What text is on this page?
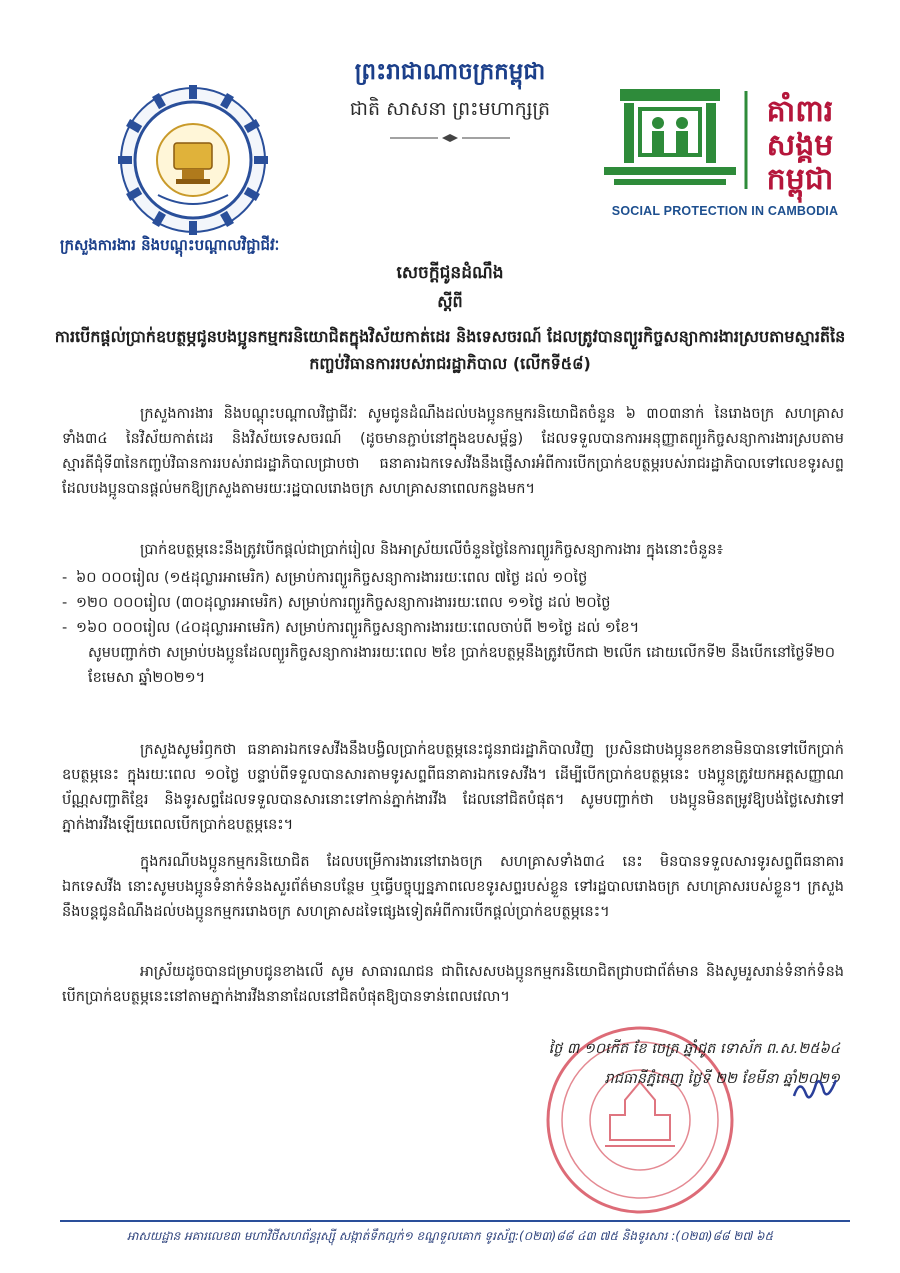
ព្រះរាជាណាចក្រកម្ពុជា
ជាតិ សាសនា ព្រះមហាក្សត្រ	គាំពារ
សង្គម
កម្ពុជា
SOCIAL PROTECTION IN CAMBODIA
ក្រសួងការងារ និងបណ្ដុះបណ្ដាលវិជ្ជាជីវៈ
សេចក្ដីជូនដំណឹង
ស្ដីពី
ការបើកផ្ដល់ប្រាក់ឧបត្ថម្ភជូនបងប្អូនកម្មករនិយោជិតក្នុងវិស័យកាត់ដេរ និងទេសចរណ៍ ដែលត្រូវបានព្យួរកិច្ចសន្យាការងារស្របតាមស្មារតីនៃកញ្ចប់វិធានការរបស់រាជរដ្ឋាភិបាល (លើកទី៥៨)
ក្រសួងការងារ និងបណ្ដុះបណ្ដាលវិជ្ជាជីវៈ សូមជូនដំណឹងដល់បងប្អូនកម្មករនិយោជិតចំនួន ៦ ៣០៣នាក់ នៃរោងចក្រ សហគ្រាសទាំង៣៤ នៃវិស័យកាត់ដេរ និងវិស័យទេសចរណ៍ (ដូចមានភ្ជាប់នៅក្នុងឧបសម្ព័ន្ធ) ដែលទទួលបានការអនុញ្ញាតព្យួរកិច្ចសន្យាការងារស្របតាមស្មារតីជុំទី៣នៃកញ្ចប់វិធានការរបស់រាជរដ្ឋាភិបាលជ្រាបថា ធនាគារឯកទេសវីងនឹងផ្ញើសារអំពីការបើកប្រាក់ឧបត្ថម្ភរបស់រាជរដ្ឋាភិបាលទៅលេខទូរសព្ទ ដែលបងប្អូនបានផ្ដល់មកឱ្យក្រសួងតាមរយៈរដ្ឋបាលរោងចក្រ សហគ្រាសនាពេលកន្លងមក។
ប្រាក់ឧបត្ថម្ភនេះនឹងត្រូវបើកផ្ដល់ជាប្រាក់រៀល និងអាស្រ័យលើចំនួនថ្ងៃនៃការព្យួរកិច្ចសន្យាការងារ ក្នុងនោះចំនួន៖
- ៦០ ០០០រៀល (១៥ដុល្លារអាមេរិក) សម្រាប់ការព្យួរកិច្ចសន្យាការងាររយៈពេល ៧ថ្ងៃ ដល់ ១០ថ្ងៃ
- ១២០ ០០០រៀល (៣០ដុល្លារអាមេរិក) សម្រាប់ការព្យួរកិច្ចសន្យាការងាររយៈពេល ១១ថ្ងៃ ដល់ ២០ថ្ងៃ
- ១៦០ ០០០រៀល (៤០ដុល្លារអាមេរិក) សម្រាប់ការព្យួរកិច្ចសន្យាការងាររយៈពេលចាប់ពី ២១ថ្ងៃ ដល់ ១ខែ។
សូមបញ្ជាក់ថា សម្រាប់បងប្អូនដែលព្យួរកិច្ចសន្យាការងាររយៈពេល ២ខែ ប្រាក់ឧបត្ថម្ភនឹងត្រូវបើកជា ២លើក ដោយលើកទី២ នឹងបើកនៅថ្ងៃទី២០ ខែមេសា ឆ្នាំ២០២១។
ក្រសួងសូមរំឭកថា ធនាគារឯកទេសវីងនឹងបង្វិលប្រាក់ឧបត្ថម្ភនេះជូនរាជរដ្ឋាភិបាលវិញ ប្រសិនជាបងប្អូនខកខានមិនបានទៅបើកប្រាក់ឧបត្ថម្ភនេះ ក្នុងរយៈពេល ១០ថ្ងៃ បន្ទាប់ពីទទួលបានសារតាមទូរសព្ទពីធនាគារឯកទេសវីង។ ដើម្បីបើកប្រាក់ឧបត្ថម្ភនេះ បងប្អូនត្រូវយកអត្តសញ្ញាណប័ណ្ណសញ្ជាតិខ្មែរ និងទូរសព្ទដែលទទួលបានសារនោះទៅកាន់ភ្នាក់ងារវីង ដែលនៅជិតបំផុត។ សូមបញ្ជាក់ថា បងប្អូនមិនតម្រូវឱ្យបង់ថ្លៃសេវាទៅភ្នាក់ងារវីងឡើយពេលបើកប្រាក់ឧបត្ថម្ភនេះ។
ក្នុងករណីបងប្អូនកម្មករនិយោជិត ដែលបម្រើការងារនៅរោងចក្រ សហគ្រាសទាំង៣៤ នេះ មិនបានទទួលសារទូរសព្ទពីធនាគារឯកទេសវីង នោះសូមបងប្អូនទំនាក់ទំនងសួរព័ត៌មានបន្ថែម ឬធ្វើបច្ចុប្បន្នភាពលេខទូរសព្ទរបស់ខ្លួន ទៅរដ្ឋបាលរោងចក្រ សហគ្រាសរបស់ខ្លួន។ ក្រសួងនឹងបន្តជូនដំណឹងដល់បងប្អូនកម្មកររោងចក្រ សហគ្រាសដទៃផ្សេងទៀតអំពីការបើកផ្ដល់ប្រាក់ឧបត្ថម្ភនេះ។
អាស្រ័យដូចបានជម្រាបជូនខាងលើ សូម សាធារណជន ជាពិសេសបងប្អូនកម្មករនិយោជិតជ្រាបជាព័ត៌មាន និងសូមរួសរាន់ទំនាក់ទំនងបើកប្រាក់ឧបត្ថម្ភនេះនៅតាមភ្នាក់ងារវីងនានាដែលនៅជិតបំផុតឱ្យបានទាន់ពេលវេលា។
ថ្ងៃ ៣ ១០កើត ខែ ចេត្រ ឆ្នាំជូត ទោស័ក ព.ស.២៥៦៤
រាជធានីភ្នំពេញ ថ្ងៃទី ២២ ខែមីនា ឆ្នាំ២០២១
អាសយដ្ឋាន អគារលេខ៣ មហាវិថីសហព័ន្ធរុស្ស៊ី សង្កាត់ទឹកល្អក់១ ខណ្ឌទួលគោក ទូរស័ព្ទ:(០២៣)៨៨ ៤៣ ៧៥ និងទូរសារ :(០២៣)៨៨ ២៧ ៦៥
